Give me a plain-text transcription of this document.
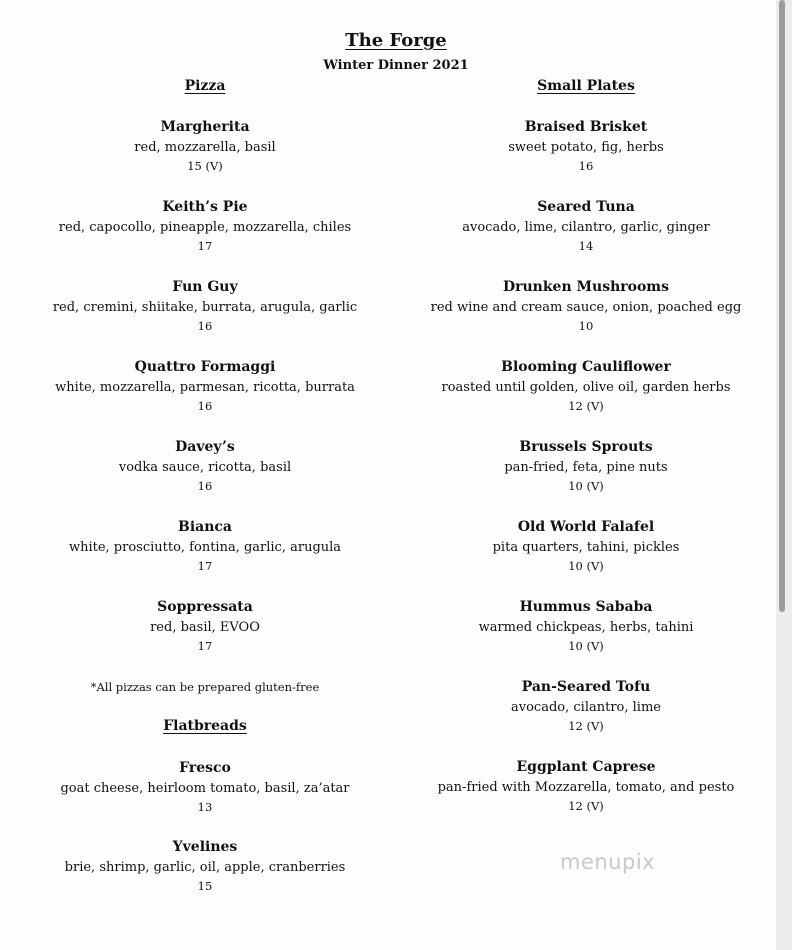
The Forge
Winter Dinner 2021
Pizza	Small Plates
Margherita
red, mozzarella, basil
15 (V)
Keith’s Pie
red, capocollo, pineapple, mozzarella, chiles
17
Fun Guy
red, cremini, shiitake, burrata, arugula, garlic
16
Quattro Formaggi
white, mozzarella, parmesan, ricotta, burrata
16
Davey’s
vodka sauce, ricotta, basil
16
Bianca
white, prosciutto, fontina, garlic, arugula
17
Soppressata
red, basil, EVOO
17
*All pizzas can be prepared gluten-free
Flatbreads
Fresco
goat cheese, heirloom tomato, basil, za’atar
13
Yvelines
brie, shrimp, garlic, oil, apple, cranberries
15
Braised Brisket
sweet potato, fig, herbs
16
Seared Tuna
avocado, lime, cilantro, garlic, ginger
14
Drunken Mushrooms
red wine and cream sauce, onion, poached egg
10
Blooming Cauliflower
roasted until golden, olive oil, garden herbs
12 (V)
Brussels Sprouts
pan-fried, feta, pine nuts
10 (V)
Old World Falafel
pita quarters, tahini, pickles
10 (V)
Hummus Sababa
warmed chickpeas, herbs, tahini
10 (V)
Pan-Seared Tofu
avocado, cilantro, lime
12 (V)
Eggplant Caprese
pan-fried with Mozzarella, tomato, and pesto
12 (V)
menupix
